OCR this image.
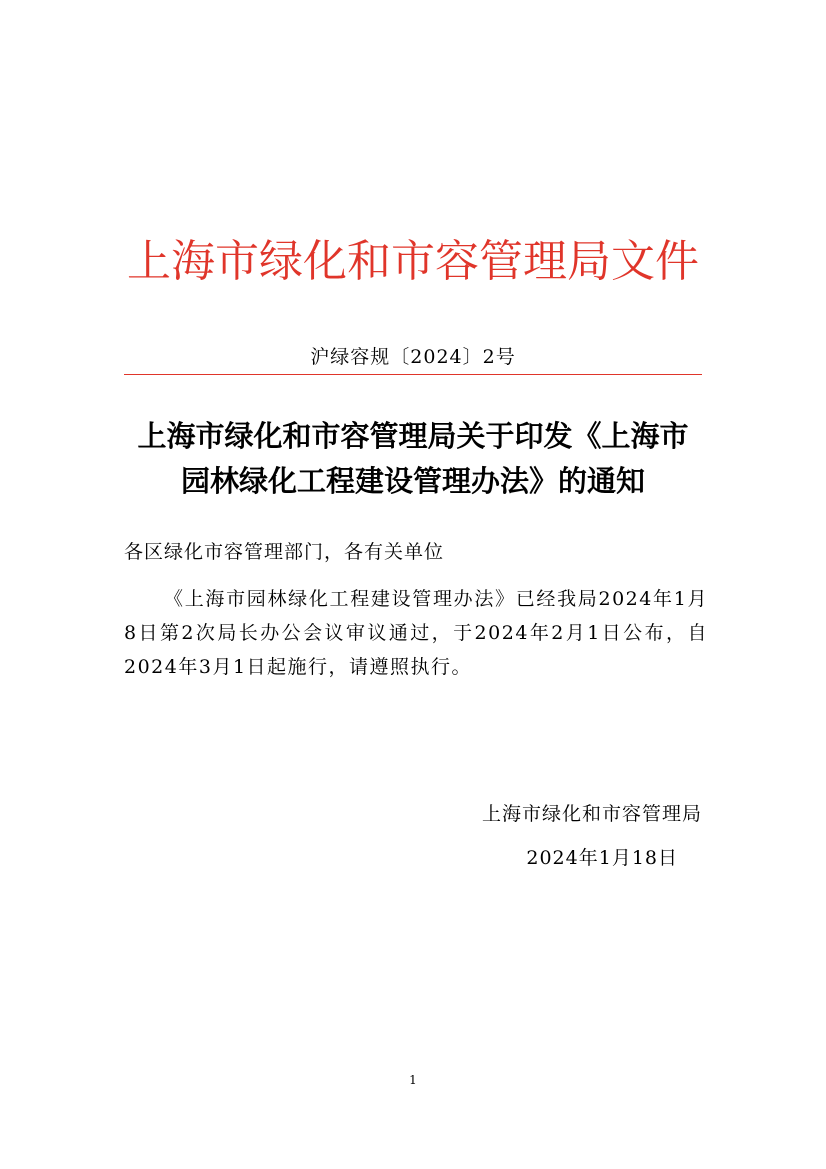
上海市绿化和市容管理局文件
沪绿容规〔2024〕2号
上海市绿化和市容管理局关于印发《上海市
园林绿化工程建设管理办法》的通知

各区绿化市容管理部门，各有关单位

《上海市园林绿化工程建设管理办法》已经我局2024年1月8日第2次局长办公会议审议通过，于2024年2月1日公布，自2024年3月1日起施行，请遵照执行。

上海市绿化和市容管理局
2024年1月18日
1
